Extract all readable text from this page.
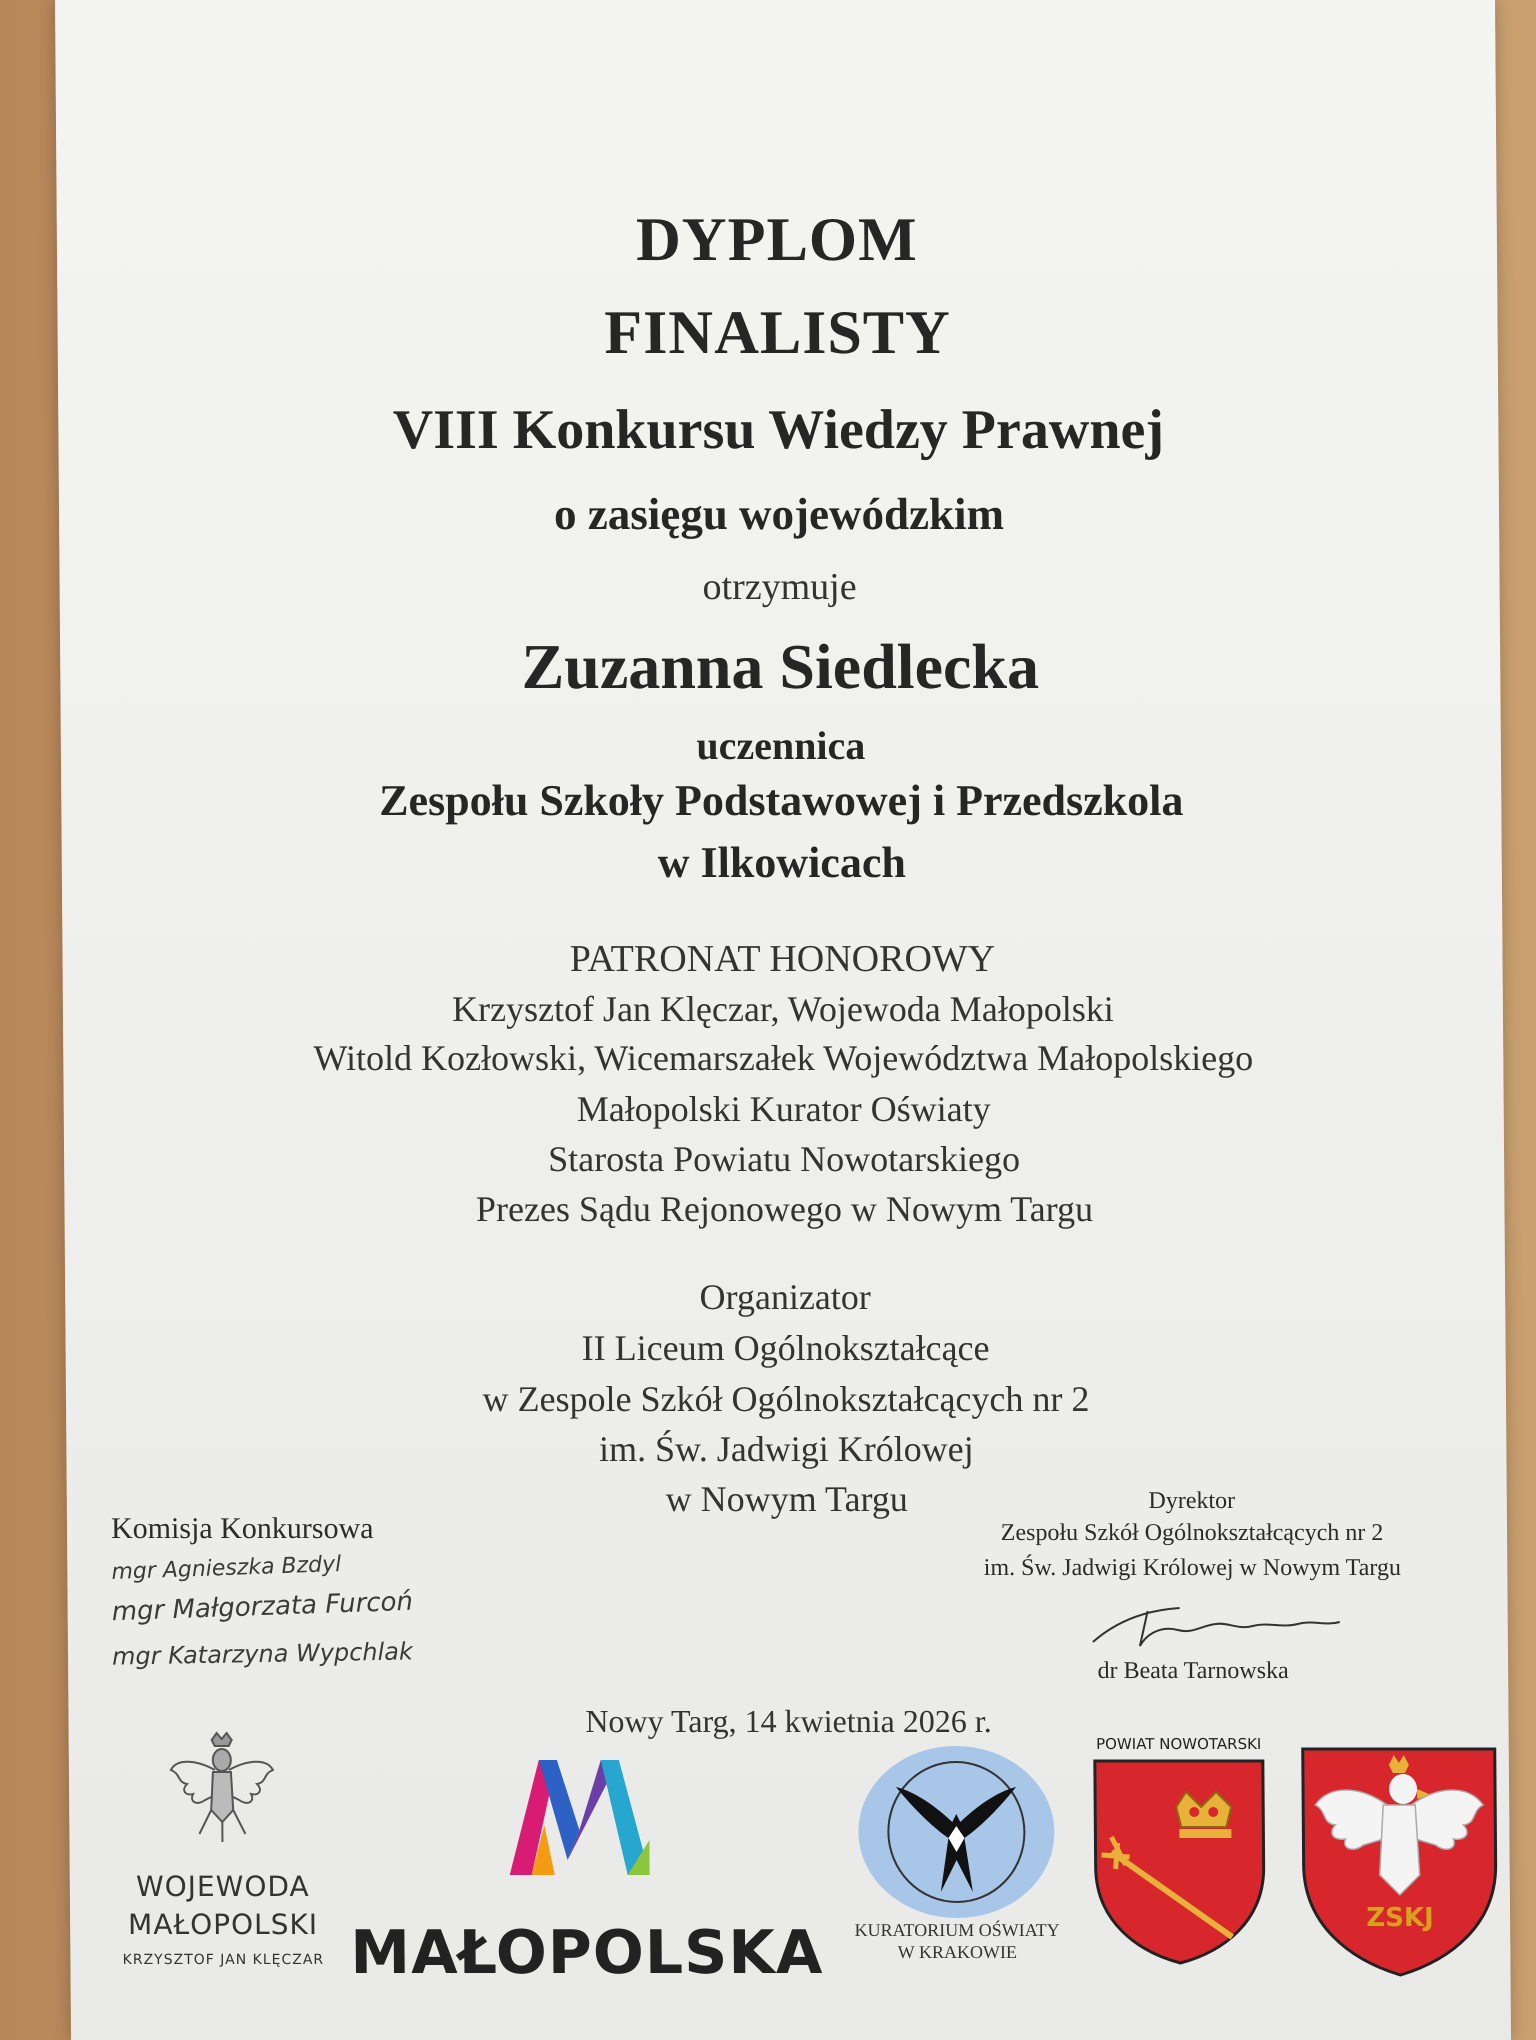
DYPLOM
FINALISTY
VIII Konkursu Wiedzy Prawnej
o zasięgu wojewódzkim
otrzymuje
Zuzanna Siedlecka
uczennica
Zespołu Szkoły Podstawowej i Przedszkola
w Ilkowicach
PATRONAT HONOROWY
Krzysztof Jan Klęczar, Wojewoda Małopolski
Witold Kozłowski, Wicemarszałek Województwa Małopolskiego
Małopolski Kurator Oświaty
Starosta Powiatu Nowotarskiego
Prezes Sądu Rejonowego w Nowym Targu
Organizator
II Liceum Ogólnokształcące
w Zespole Szkół Ogólnokształcących nr 2
im. Św. Jadwigi Królowej
w Nowym Targu
Komisja Konkursowa
mgr Agnieszka Bzdyl
mgr Małgorzata Furcoń
mgr Katarzyna Wypchlak
Dyrektor
Zespołu Szkół Ogólnokształcących nr 2
im. Św. Jadwigi Królowej w Nowym Targu
dr Beata Tarnowska
Nowy Targ, 14 kwietnia 2026 r.
WOJEWODA
MAŁOPOLSKI
KRZYSZTOF JAN KLĘCZAR MAŁOPOLSKA	KURATORIUM OŚWIATY
W KRAKOWIE
POWIAT NOWOTARSKI
ZSKJ
